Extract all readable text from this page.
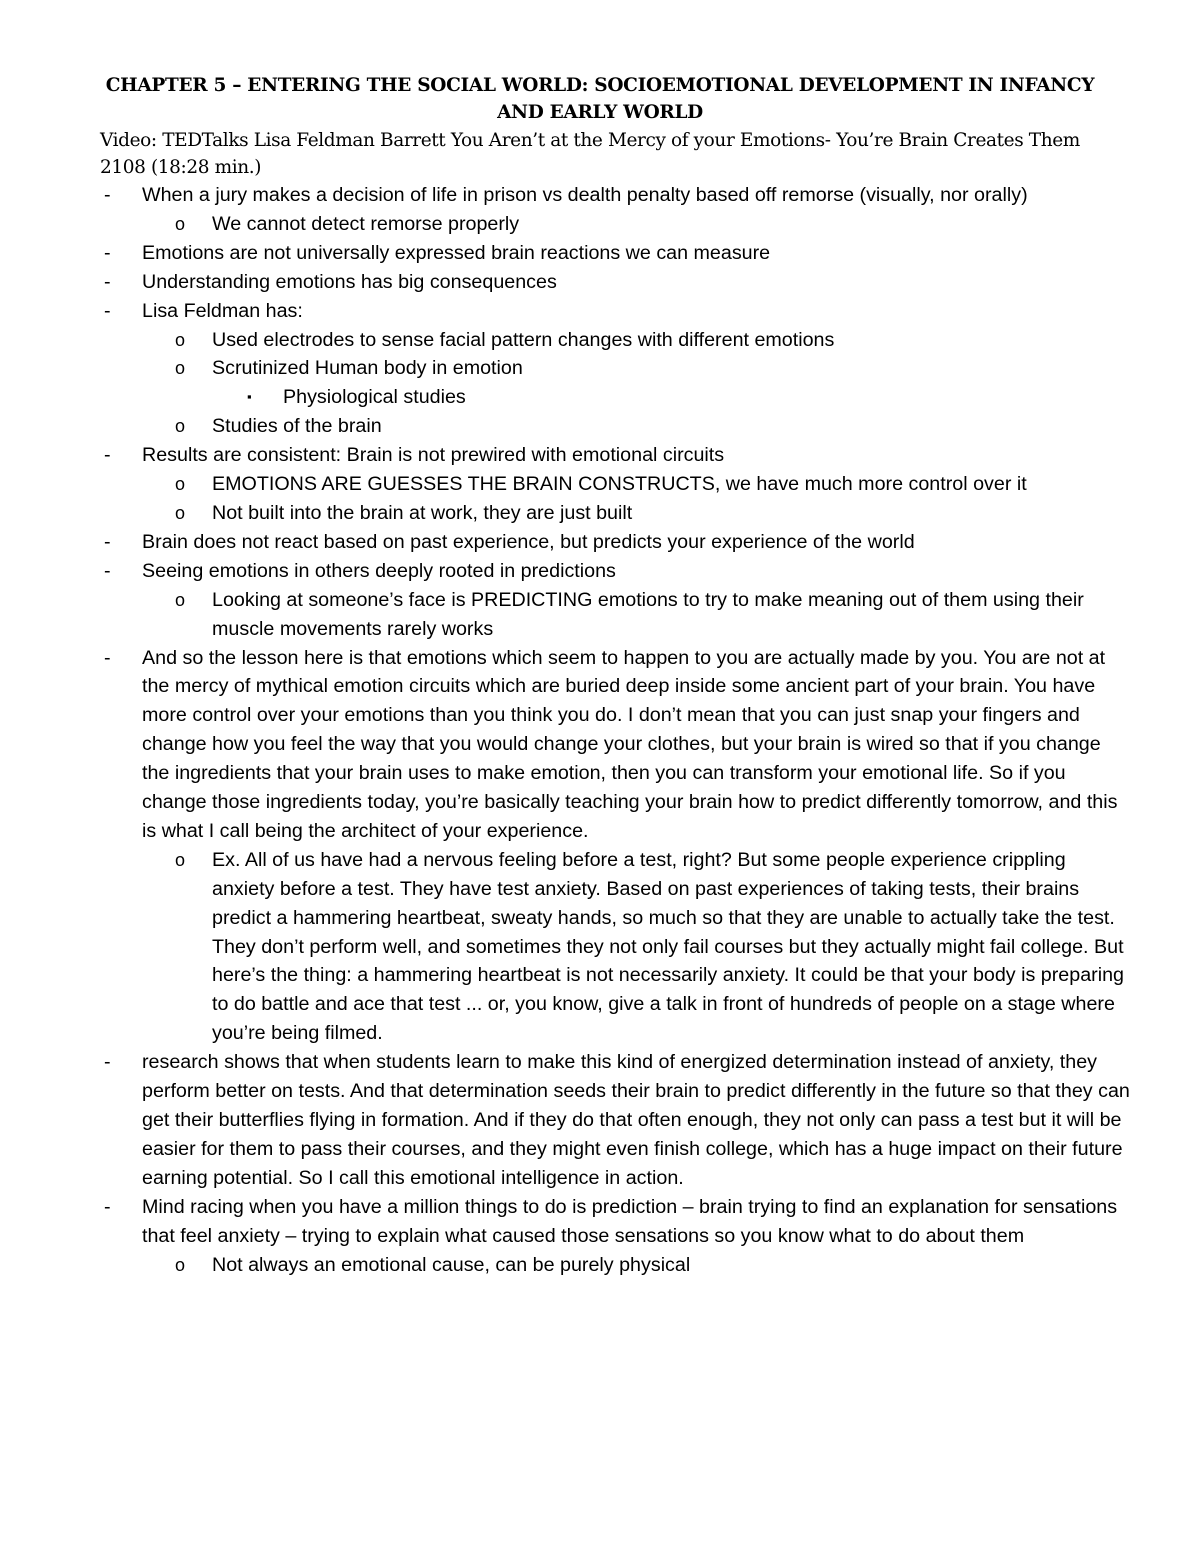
CHAPTER 5 – ENTERING THE SOCIAL WORLD: SOCIOEMOTIONAL DEVELOPMENT IN INFANCY AND EARLY WORLD
Video: TEDTalks Lisa Feldman Barrett You Aren’t at the Mercy of your Emotions- You’re Brain Creates Them 2108 (18:28 min.)
- When a jury makes a decision of life in prison vs dealth penalty based off remorse (visually, nor orally)
o We cannot detect remorse properly
- Emotions are not universally expressed brain reactions we can measure
- Understanding emotions has big consequences
- Lisa Feldman has:
o Used electrodes to sense facial pattern changes with different emotions
o Scrutinized Human body in emotion
▪ Physiological studies
o Studies of the brain
- Results are consistent: Brain is not prewired with emotional circuits
o EMOTIONS ARE GUESSES THE BRAIN CONSTRUCTS, we have much more control over it
o Not built into the brain at work, they are just built
- Brain does not react based on past experience, but predicts your experience of the world
- Seeing emotions in others deeply rooted in predictions
o Looking at someone’s face is PREDICTING emotions to try to make meaning out of them using their muscle movements rarely works
- And so the lesson here is that emotions which seem to happen to you are actually made by you. You are not at the mercy of mythical emotion circuits which are buried deep inside some ancient part of your brain. You have more control over your emotions than you think you do. I don’t mean that you can just snap your fingers and change how you feel the way that you would change your clothes, but your brain is wired so that if you change the ingredients that your brain uses to make emotion, then you can transform your emotional life. So if you change those ingredients today, you’re basically teaching your brain how to predict differently tomorrow, and this is what I call being the architect of your experience.
o Ex. All of us have had a nervous feeling before a test, right? But some people experience crippling anxiety before a test. They have test anxiety. Based on past experiences of taking tests, their brains predict a hammering heartbeat, sweaty hands, so much so that they are unable to actually take the test. They don’t perform well, and sometimes they not only fail courses but they actually might fail college. But here’s the thing: a hammering heartbeat is not necessarily anxiety. It could be that your body is preparing to do battle and ace that test ... or, you know, give a talk in front of hundreds of people on a stage where you’re being filmed.
- research shows that when students learn to make this kind of energized determination instead of anxiety, they perform better on tests. And that determination seeds their brain to predict differently in the future so that they can get their butterflies flying in formation. And if they do that often enough, they not only can pass a test but it will be easier for them to pass their courses, and they might even finish college, which has a huge impact on their future earning potential. So I call this emotional intelligence in action.
- Mind racing when you have a million things to do is prediction – brain trying to find an explanation for sensations that feel anxiety – trying to explain what caused those sensations so you know what to do about them
o Not always an emotional cause, can be purely physical
